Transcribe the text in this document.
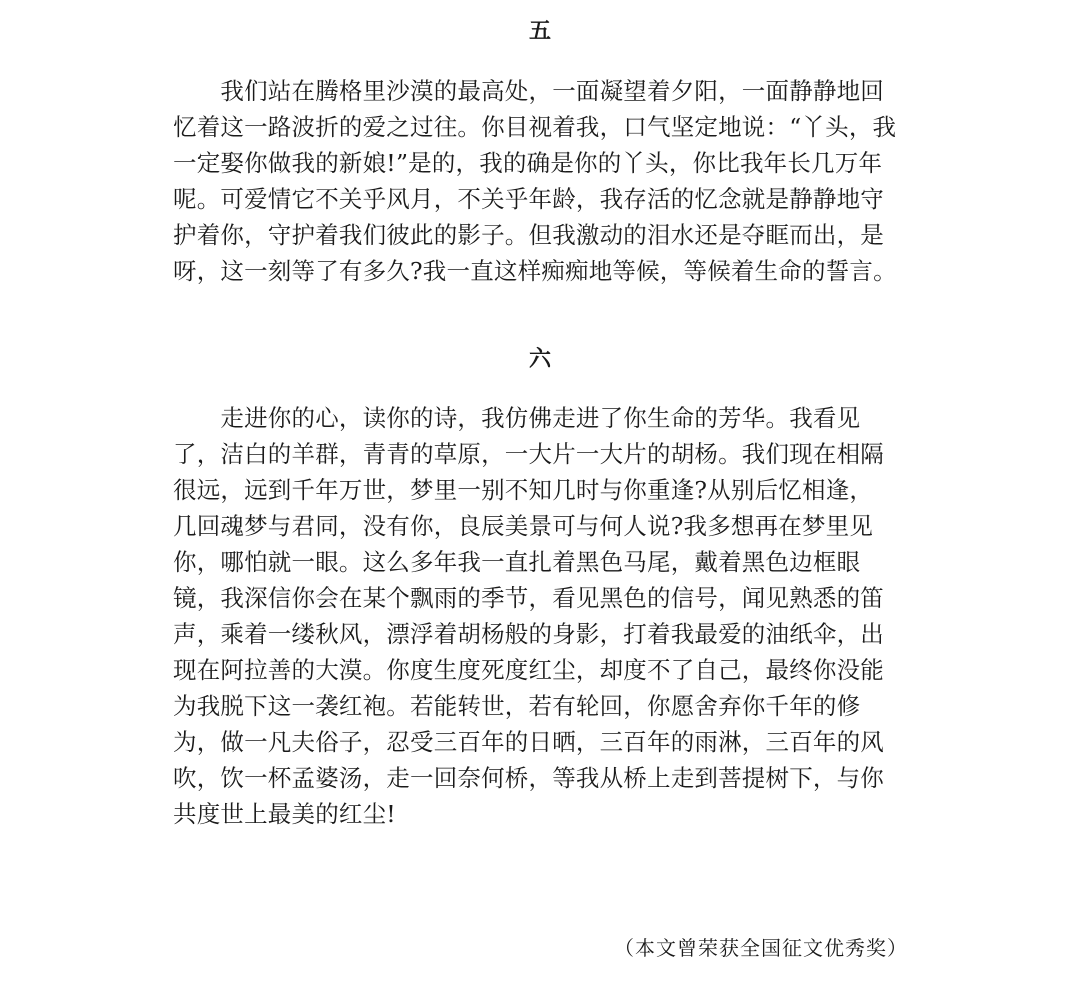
五

　　我们站在腾格里沙漠的最高处，一面凝望着夕阳，一面静静地回
忆着这一路波折的爱之过往。你目视着我，口气坚定地说：“丫头，我
一定娶你做我的新娘!”是的，我的确是你的丫头，你比我年长几万年
呢。可爱情它不关乎风月，不关乎年龄，我存活的忆念就是静静地守
护着你，守护着我们彼此的影子。但我激动的泪水还是夺眶而出，是
呀，这一刻等了有多久?我一直这样痴痴地等候，等候着生命的誓言。

六

　　走进你的心，读你的诗，我仿佛走进了你生命的芳华。我看见
了，洁白的羊群，青青的草原，一大片一大片的胡杨。我们现在相隔
很远，远到千年万世，梦里一别不知几时与你重逢?从别后忆相逢，
几回魂梦与君同，没有你，良辰美景可与何人说?我多想再在梦里见
你，哪怕就一眼。这么多年我一直扎着黑色马尾，戴着黑色边框眼
镜，我深信你会在某个飘雨的季节，看见黑色的信号，闻见熟悉的笛
声，乘着一缕秋风，漂浮着胡杨般的身影，打着我最爱的油纸伞，出
现在阿拉善的大漠。你度生度死度红尘，却度不了自己，最终你没能
为我脱下这一袭红袍。若能转世，若有轮回，你愿舍弃你千年的修
为，做一凡夫俗子，忍受三百年的日晒，三百年的雨淋，三百年的风
吹，饮一杯孟婆汤，走一回奈何桥，等我从桥上走到菩提树下，与你
共度世上最美的红尘!

（本文曾荣获全国征文优秀奖）
